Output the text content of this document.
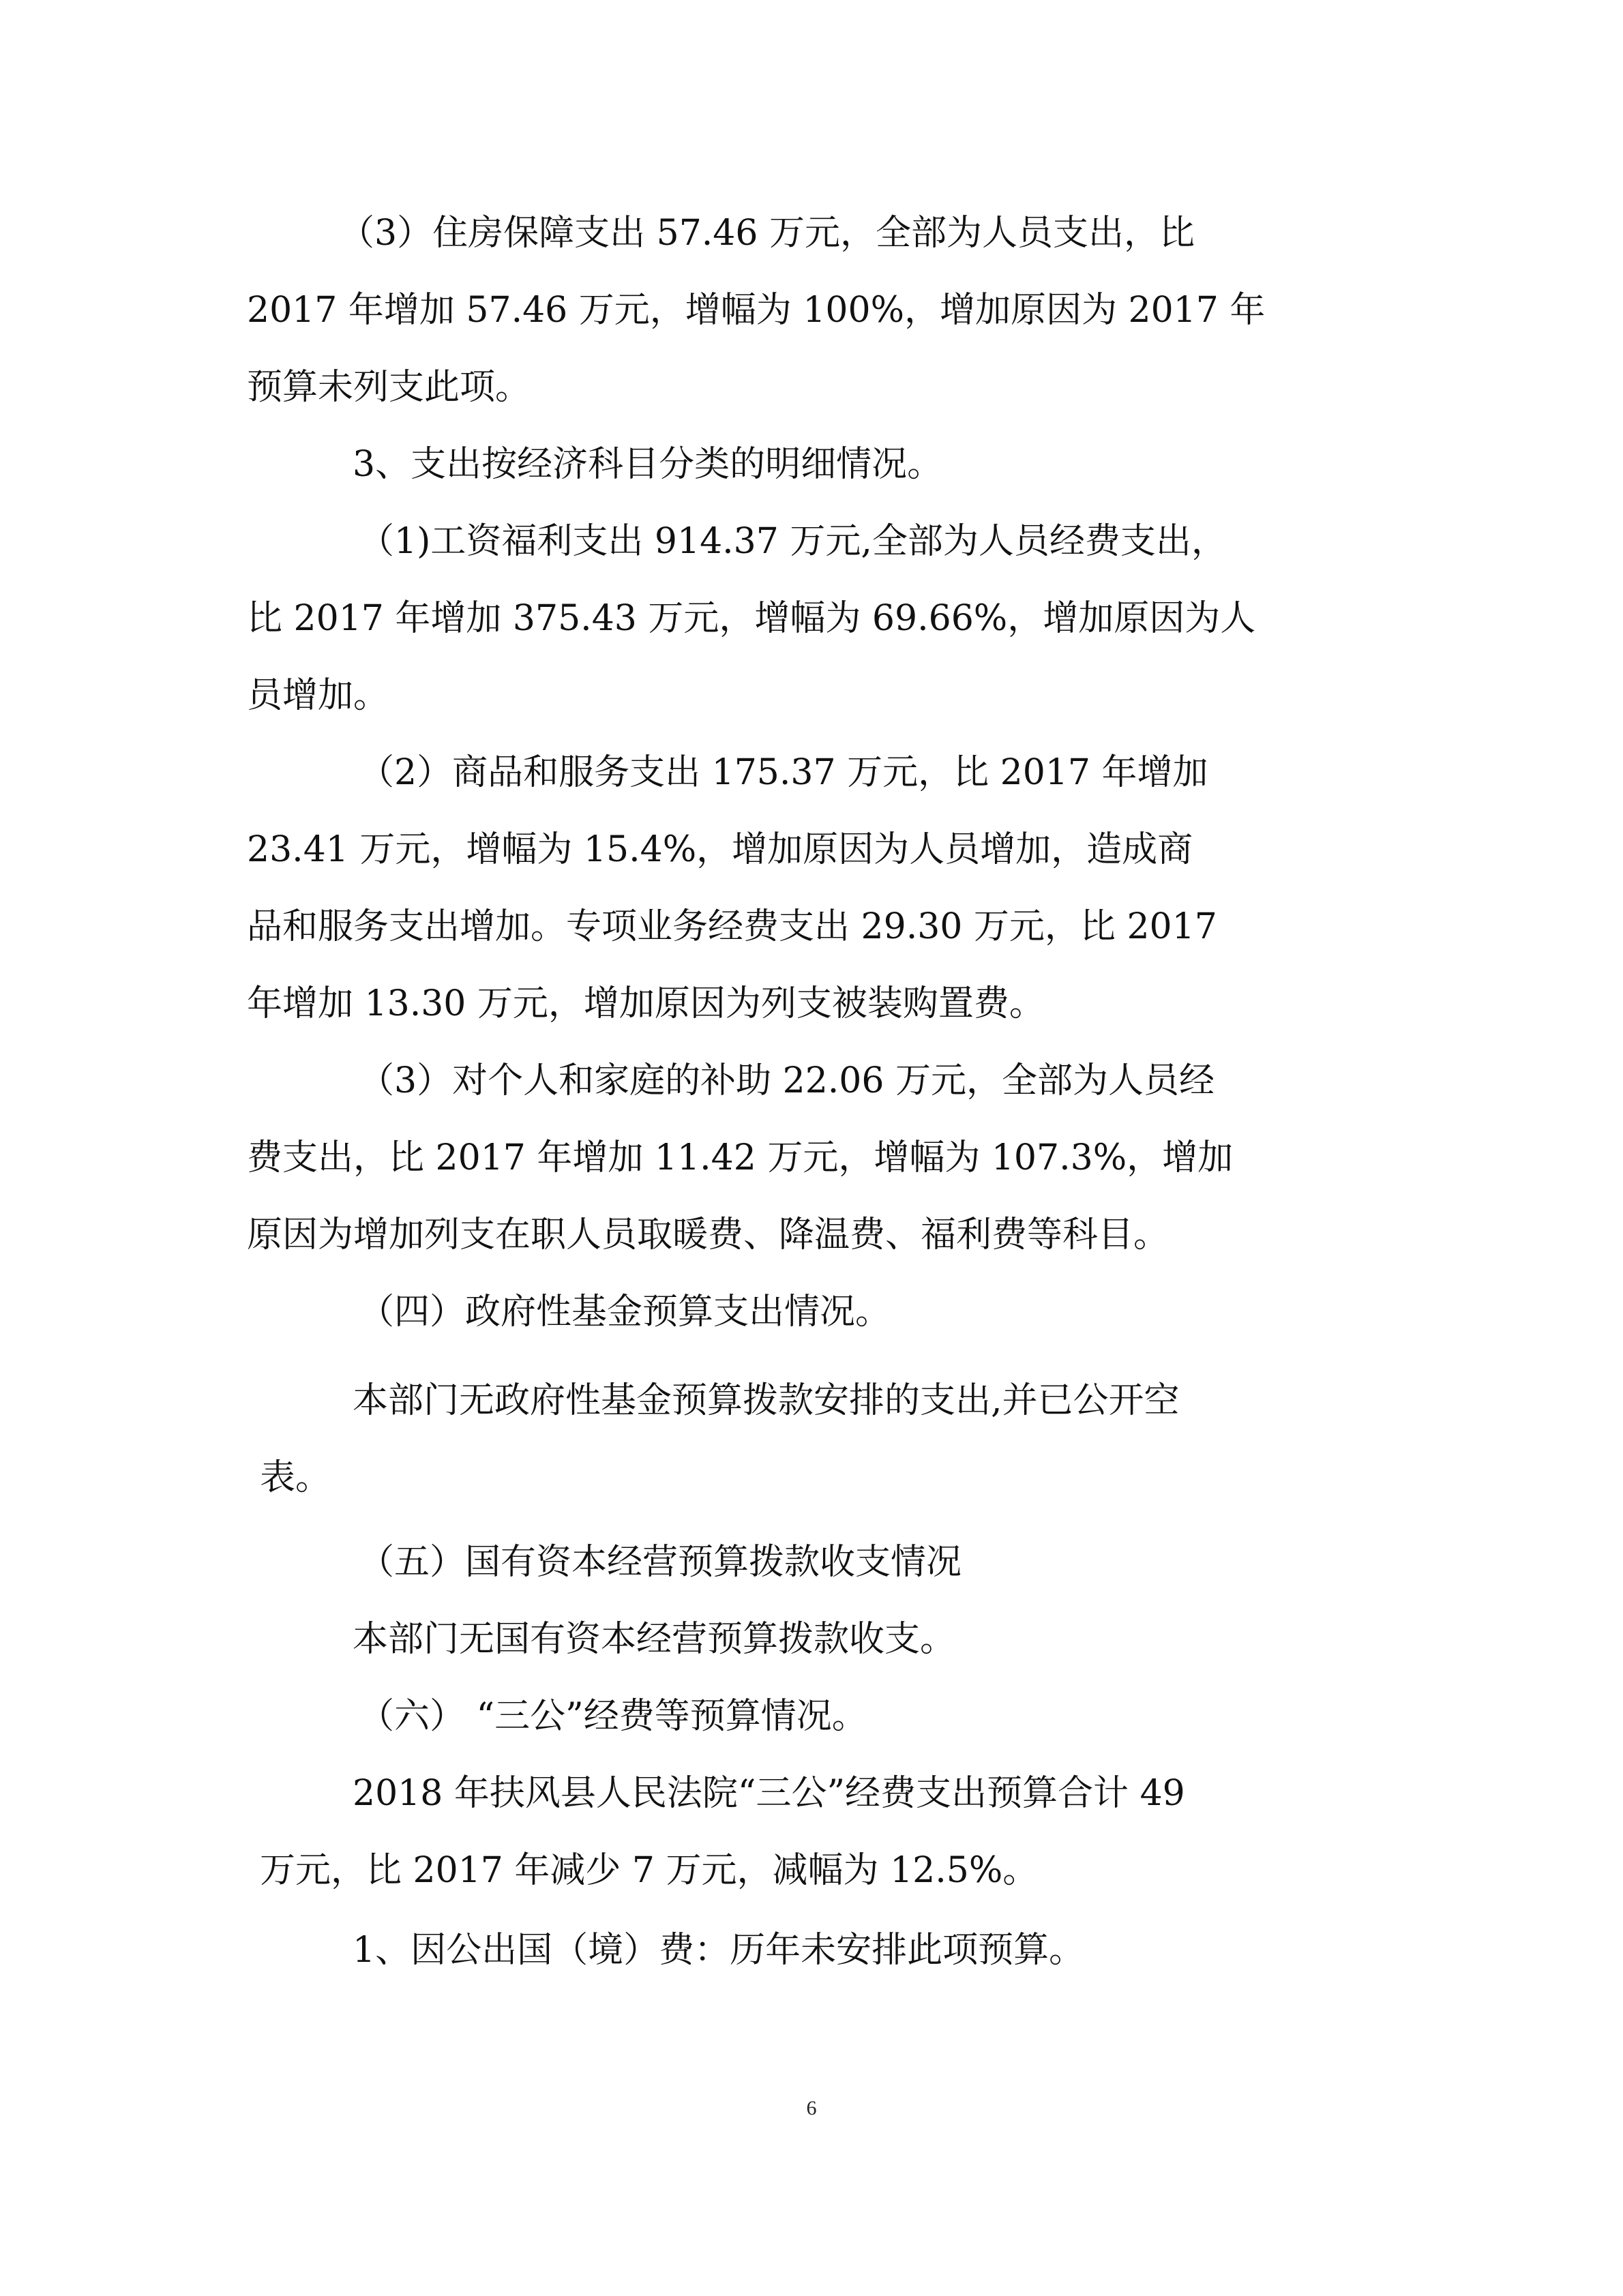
（3）住房保障支出 57.46 万元，全部为人员支出，比
2017 年增加 57.46 万元，增幅为 100%，增加原因为 2017 年
预算未列支此项。
3、支出按经济科目分类的明细情况。
（1)工资福利支出 914.37 万元,全部为人员经费支出，
比 2017 年增加 375.43 万元，增幅为 69.66%，增加原因为人
员增加。
（2）商品和服务支出 175.37 万元，比 2017 年增加
23.41 万元，增幅为 15.4%，增加原因为人员增加，造成商
品和服务支出增加。专项业务经费支出 29.30 万元，比 2017
年增加 13.30 万元，增加原因为列支被装购置费。
（3）对个人和家庭的补助 22.06 万元，全部为人员经
费支出，比 2017 年增加 11.42 万元，增幅为 107.3%，增加
原因为增加列支在职人员取暖费、降温费、福利费等科目。
（四）政府性基金预算支出情况。
本部门无政府性基金预算拨款安排的支出,并已公开空
表。
（五）国有资本经营预算拨款收支情况
本部门无国有资本经营预算拨款收支。
（六） “三公”经费等预算情况。
2018 年扶风县人民法院“三公”经费支出预算合计 49
万元，比 2017 年减少 7 万元，减幅为 12.5%。
1、因公出国（境）费：历年未安排此项预算。
6
